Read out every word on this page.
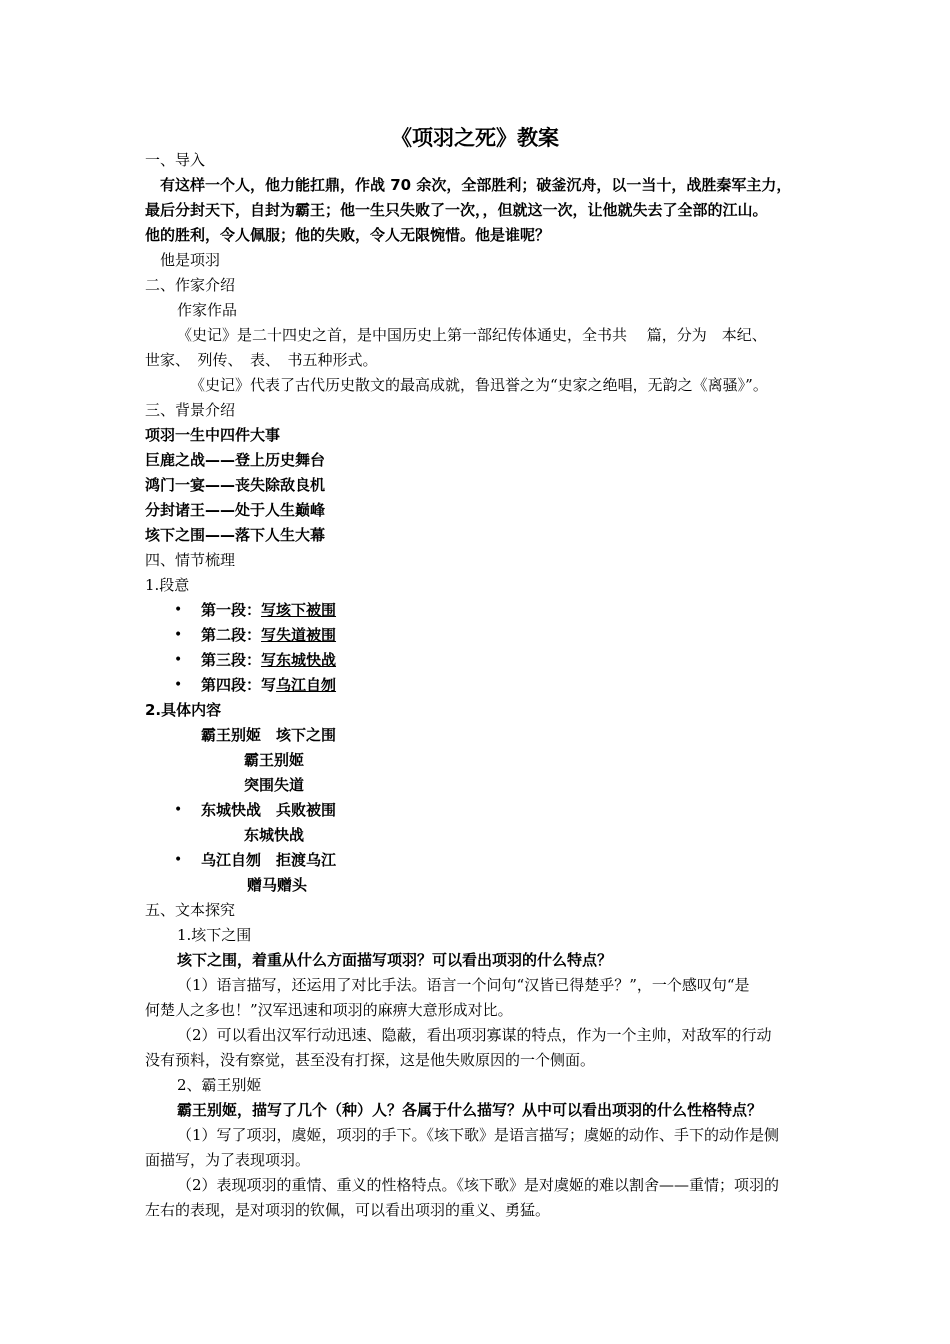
《项羽之死》教案
一、导入
有这样一个人，他力能扛鼎，作战 70 余次，全部胜利；破釜沉舟，以一当十，战胜秦军主力，
最后分封天下，自封为霸王；他一生只失败了一次，，但就这一次，让他就失去了全部的江山。
他的胜利，令人佩服；他的失败，令人无限惋惜。他是谁呢？
他是项羽
二、作家介绍
作家作品
《史记》是二十四史之首，是中国历史上第一部纪传体通史，全书共　 篇，分为　本纪、
世家、　列传、　表、　书五种形式。
《史记》代表了古代历史散文的最高成就，鲁迅誉之为“史家之绝唱，无韵之《离骚》”。
三、背景介绍
项羽一生中四件大事
巨鹿之战——登上历史舞台
鸿门一宴——丧失除敌良机
分封诸王——处于人生巅峰
垓下之围——落下人生大幕
四、情节梳理
1.段意
• 第一段：写垓下被围
• 第二段：写失道被围
• 第三段：写东城快战
• 第四段：写乌江自刎
2.具体内容
霸王别姬　垓下之围
霸王别姬
突围失道
• 东城快战　兵败被围
东城快战
• 乌江自刎　拒渡乌江
赠马赠头
五、文本探究
1.垓下之围
垓下之围，着重从什么方面描写项羽？可以看出项羽的什么特点？
（1）语言描写，还运用了对比手法。语言一个问句“汉皆已得楚乎？”，一个感叹句“是
何楚人之多也！”汉军迅速和项羽的麻痹大意形成对比。
（2）可以看出汉军行动迅速、隐蔽，看出项羽寡谋的特点，作为一个主帅，对敌军的行动
没有预料，没有察觉，甚至没有打探，这是他失败原因的一个侧面。
2、霸王别姬
霸王别姬，描写了几个（种）人？各属于什么描写？从中可以看出项羽的什么性格特点？
（1）写了项羽，虞姬，项羽的手下。《垓下歌》是语言描写；虞姬的动作、手下的动作是侧
面描写，为了表现项羽。
（2）表现项羽的重情、重义的性格特点。《垓下歌》是对虞姬的难以割舍——重情；项羽的
左右的表现，是对项羽的钦佩，可以看出项羽的重义、勇猛。
